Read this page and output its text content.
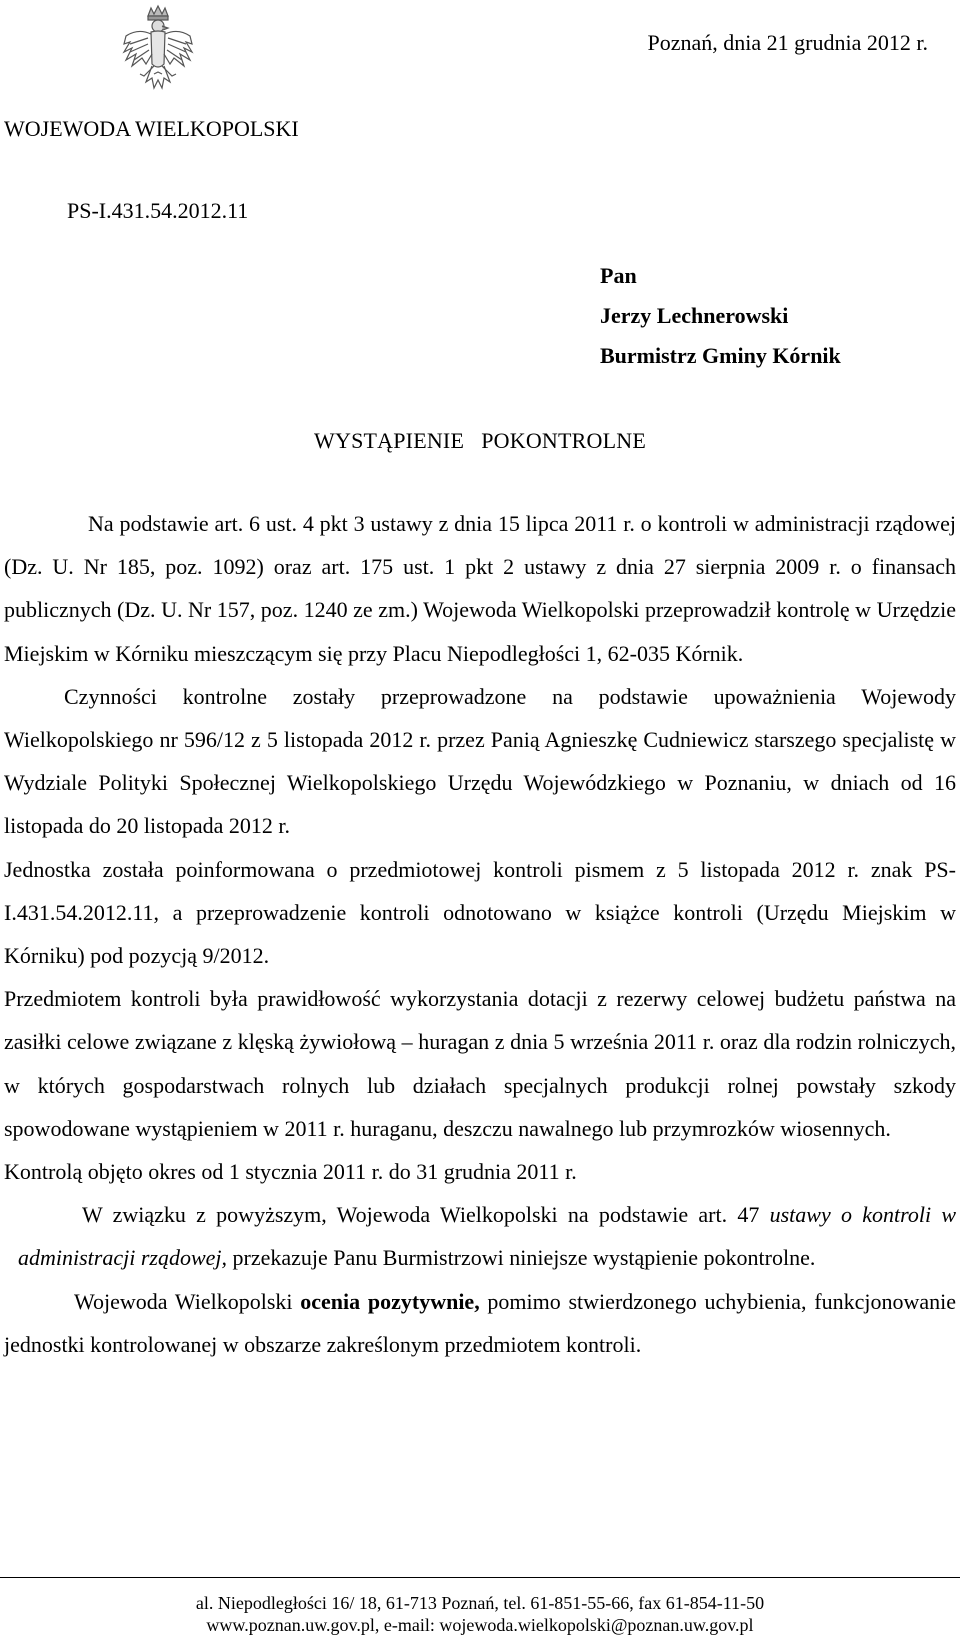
Poznań, dnia 21 grudnia 2012 r.
WOJEWODA WIELKOPOLSKI
PS-I.431.54.2012.11
Pan
Jerzy Lechnerowski
Burmistrz Gminy Kórnik
WYSTĄPIENIE POKONTROLNE

Na podstawie art. 6 ust. 4 pkt 3 ustawy z dnia 15 lipca 2011 r. o kontroli w administracji rządowej (Dz. U. Nr 185, poz. 1092) oraz art. 175 ust. 1 pkt 2 ustawy z dnia 27 sierpnia 2009 r. o finansach publicznych (Dz. U. Nr 157, poz. 1240 ze zm.) Wojewoda Wielkopolski przeprowadził kontrolę w Urzędzie Miejskim w Kórniku mieszczącym się przy Placu Niepodległości 1, 62-035 Kórnik.

Czynności kontrolne zostały przeprowadzone na podstawie upoważnienia Wojewody Wielkopolskiego nr 596/12 z 5 listopada 2012 r. przez Panią Agnieszkę Cudniewicz starszego specjalistę w Wydziale Polityki Społecznej Wielkopolskiego Urzędu Wojewódzkiego w Poznaniu, w dniach od 16 listopada do 20 listopada 2012 r.

Jednostka została poinformowana o przedmiotowej kontroli pismem z 5 listopada 2012 r. znak PS-I.431.54.2012.11, a przeprowadzenie kontroli odnotowano w książce kontroli (Urzędu Miejskim w Kórniku) pod pozycją 9/2012.

Przedmiotem kontroli była prawidłowość wykorzystania dotacji z rezerwy celowej budżetu państwa na zasiłki celowe związane z klęską żywiołową – huragan z dnia 5 września 2011 r. oraz dla rodzin rolniczych, w których gospodarstwach rolnych lub działach specjalnych produkcji rolnej powstały szkody spowodowane wystąpieniem w 2011 r. huraganu, deszczu nawalnego lub przymrozków wiosennych.

Kontrolą objęto okres od 1 stycznia 2011 r. do 31 grudnia 2011 r.

W związku z powyższym, Wojewoda Wielkopolski na podstawie art. 47 ustawy o kontroli w administracji rządowej, przekazuje Panu Burmistrzowi niniejsze wystąpienie pokontrolne.

Wojewoda Wielkopolski ocenia pozytywnie, pomimo stwierdzonego uchybienia, funkcjonowanie jednostki kontrolowanej w obszarze zakreślonym przedmiotem kontroli.

al. Niepodległości 16/ 18, 61-713 Poznań, tel. 61-851-55-66, fax 61-854-11-50
www.poznan.uw.gov.pl, e-mail: wojewoda.wielkopolski@poznan.uw.gov.pl
